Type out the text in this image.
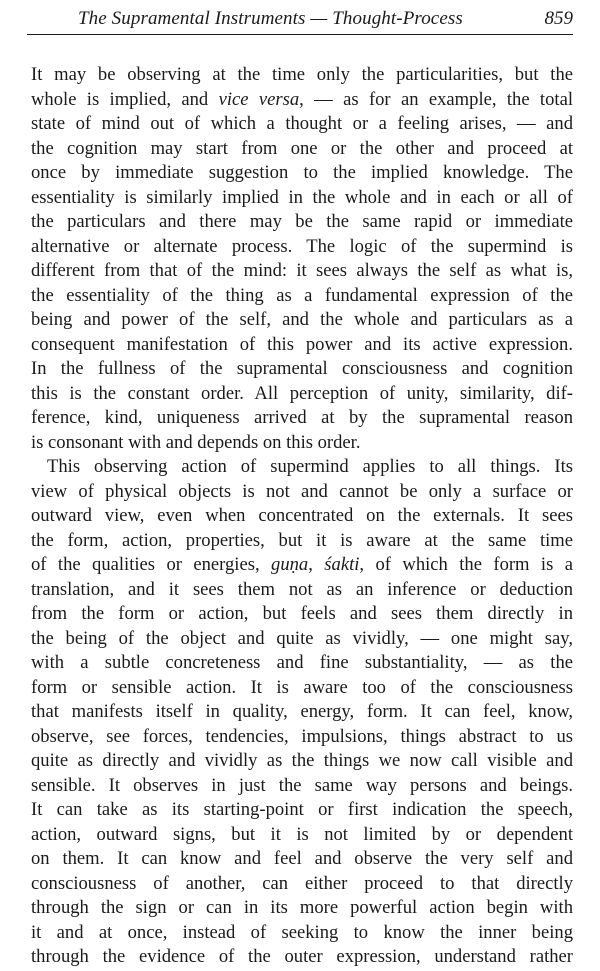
The Supramental Instruments — Thought-Process	859
It may be observing at the time only the particularities, but the
whole is implied, and vice versa, — as for an example, the total
state of mind out of which a thought or a feeling arises, — and
the cognition may start from one or the other and proceed at
once by immediate suggestion to the implied knowledge. The
essentiality is similarly implied in the whole and in each or all of
the particulars and there may be the same rapid or immediate
alternative or alternate process. The logic of the supermind is
different from that of the mind: it sees always the self as what is,
the essentiality of the thing as a fundamental expression of the
being and power of the self, and the whole and particulars as a
consequent manifestation of this power and its active expression.
In the fullness of the supramental consciousness and cognition
this is the constant order. All perception of unity, similarity, dif-
ference, kind, uniqueness arrived at by the supramental reason
is consonant with and depends on this order.
This observing action of supermind applies to all things. Its
view of physical objects is not and cannot be only a surface or
outward view, even when concentrated on the externals. It sees
the form, action, properties, but it is aware at the same time
of the qualities or energies, guṇa, śakti, of which the form is a
translation, and it sees them not as an inference or deduction
from the form or action, but feels and sees them directly in
the being of the object and quite as vividly, — one might say,
with a subtle concreteness and fine substantiality, — as the
form or sensible action. It is aware too of the consciousness
that manifests itself in quality, energy, form. It can feel, know,
observe, see forces, tendencies, impulsions, things abstract to us
quite as directly and vividly as the things we now call visible and
sensible. It observes in just the same way persons and beings.
It can take as its starting-point or first indication the speech,
action, outward signs, but it is not limited by or dependent
on them. It can know and feel and observe the very self and
consciousness of another, can either proceed to that directly
through the sign or can in its more powerful action begin with
it and at once, instead of seeking to know the inner being
through the evidence of the outer expression, understand rather
